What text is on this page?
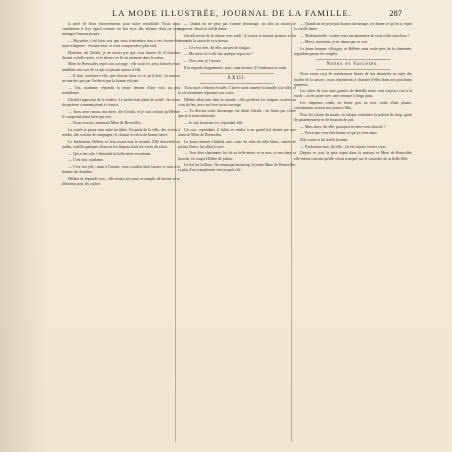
LA MODE ILLUSTRÉE, JOURNAL DE LA FAMILLE.	287

la pitié de leurs inconvénients pour notre sensibilité. Nous nous conduisons à leur égard comme on fait avec des enfants dont on veut ménager l'amour-propre.

— Ma petite, c'est bien vrai que vous n'entendez rien à ces choses-là ; mais n'importe : écoutez-moi, et vous comprendrez plus tard.

Madame, dit Gérald, je ne savais pas que vous fussiez là. Il s'inclina devant sa belle-mère, et le silence se fit un moment dans le salon.

Mme de Bressolles reprit son ouvrage ; elle avait les yeux baissés et ne semblait rien voir de ce qui se passait autour d'elle.

— Il faut, continua-t-elle, que chacun fasse ici ce qu'il doit ; la maison ne marche que par l'ordre et par la bonne volonté.

— Oui, madame, répondit la jeune femme d'une voix un peu tremblante.

Gérald s'approcha de la fenêtre. Le jardin était plein de soleil ; les roses du parterre commençaient à s'ouvrir.

— Vous avez raison, ma mère, dit-il enfin, et je suis certain qu'Hélène le comprend aussi bien que moi.

— Nous verrons, murmura Mme de Bressolles.

La soirée se passa sans autre incident. On parla de la ville, des visites à rendre, des voisins de campagne, et chacun se retira de bonne heure.

Le lendemain, Hélène se leva avant tout le monde. Elle descendit au jardin, cueillit quelques fleurs et les disposa dans les vases du salon.

— Qui a fait cela ? demanda la belle-mère en entrant.

— C'est moi, madame.

— C'est fort joli ; mais à l'avenir, vous voudrez bien laisser ce soin à la femme de chambre.

Hélène ne répondit rien ; elle sentait ses yeux se remplir de larmes et se détourna pour les cacher.

— Quand on ne peut pas s'aimer davantage, on doit au moins se supporter, disait la vieille dame.

Gérald revint de la chasse vers midi ; il trouva sa femme pensive et lui demanda la cause de sa tristesse.

— Ce n'est rien, dit-elle, un peu de fatigue.

— Ma mère t'a-t-elle fait quelque reproche ?

— Non, non, je t'assure.

Il la regarda longuement ; puis, sans insister, il l'embrassa et sortit.

XXIII.

Trois mois s'étaient écoulés. L'hiver avait ramené la famille à la ville, et la vie mondaine reprenait son cours.

Hélène allait peu dans le monde ; elle préférait les longues soirées au coin du feu, avec un livre ou un ouvrage.

— Tu devrais sortir davantage, lui disait Gérald ; on finira par croire que je te tiens enfermée.

— Je suis heureuse ici, répondait-elle.

Un soir, cependant, il fallut se rendre à un grand bal donné par une amie de Mme de Bressolles.

La jeune femme s'habilla avec soin. Sa robe de tulle blanc, semée de petites fleurs, lui allait à ravir.

— Vous êtes charmante, lui dit sa belle-mère, et ce mot, si rare dans sa bouche, fit rougir Hélène de plaisir.

Le bal fut brillant. On remarqua beaucoup la jeune Mme de Bressolles, et plus d'un compliment vint jusqu'à elle.

— Quand on ne peut pas donner davantage, on donne ce qu'on a, reprit la vieille dame.

— Mademoiselle, voulez-vous me permettre de vous offrir mon bras ?

— Merci, monsieur, je ne danse pas ce soir.

Le jeune homme s'éloigna, et Hélène resta seule près de la cheminée, regardant passer les couples.

Notes et Variétés.

Nous avons reçu de nombreuses lettres de nos abonnées au sujet des modes de la saison ; nous répondrons à chacune d'elles dans nos prochains numéros.

Les robes de soie unie garnies de dentelle noire sont toujours fort à la mode ; on les porte avec une ceinture à longs pans.

Les chapeaux ronds, en feutre gris ou noir, ornés d'une plume, conviennent surtout aux jeunes filles.

Pour les visites du matin, on adopte volontiers le paletot de drap, garni de passementerie et de boutons de jais.

— Mais alors, dit-elle, pourquoi m'avez-vous choisie ?

— Parce que vous êtes bonne et que je vous aime.

Elle sourit et lui tendit la main.

— Pardonnez-moi, dit-elle ; j'ai été injuste envers vous.

Depuis ce jour, la paix régna dans la maison, et Mme de Bressolles elle-même convint qu'elle s'était trompée sur le caractère de sa belle-fille.
